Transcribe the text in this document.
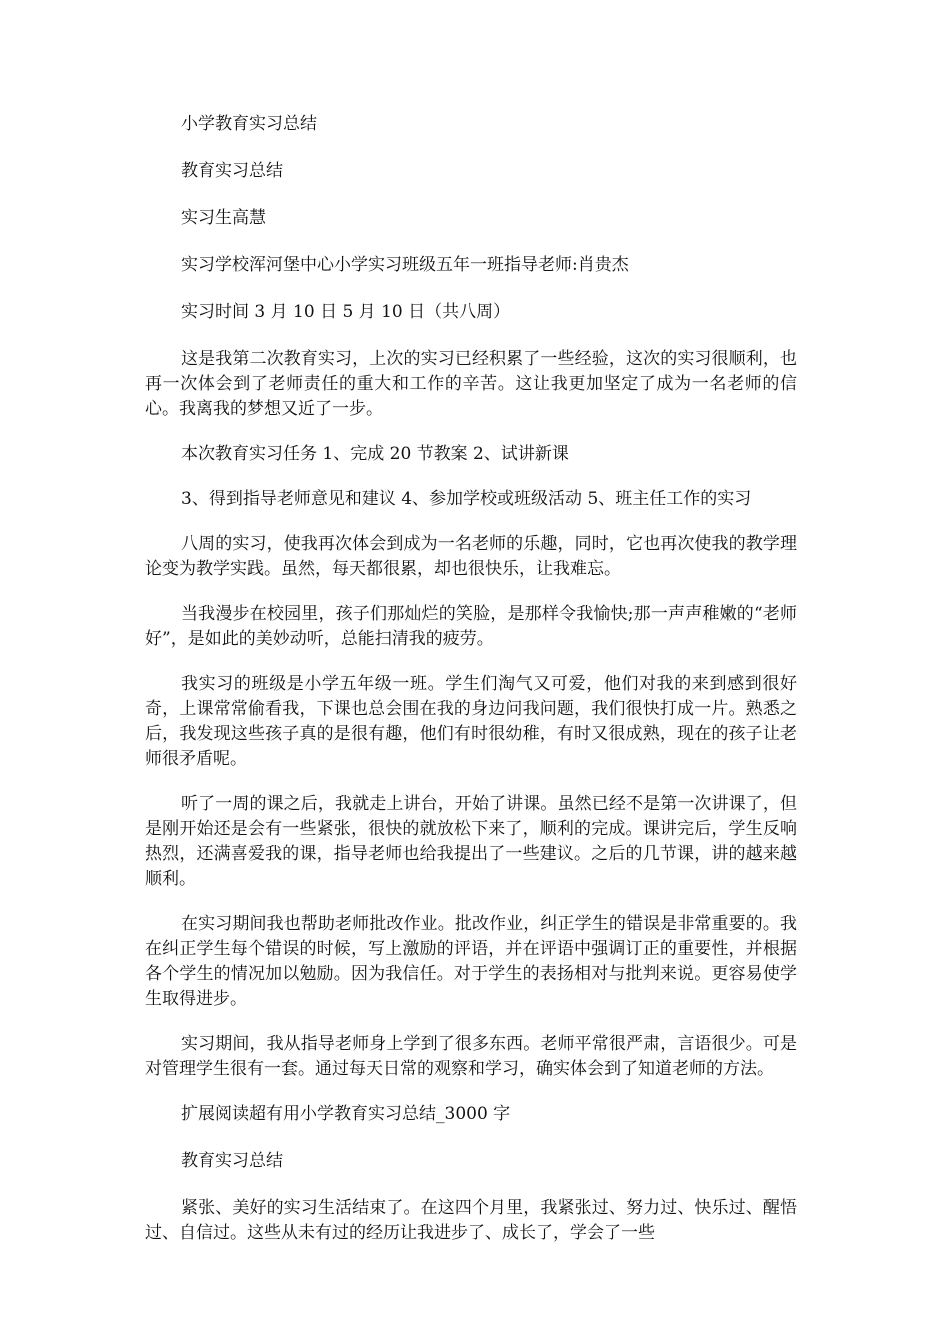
小学教育实习总结

教育实习总结

实习生高慧

实习学校浑河堡中心小学实习班级五年一班指导老师:肖贵杰

实习时间 3 月 10 日 5 月 10 日（共八周）

这是我第二次教育实习，上次的实习已经积累了一些经验，这次的实习很顺利，也再一次体会到了老师责任的重大和工作的辛苦。这让我更加坚定了成为一名老师的信心。我离我的梦想又近了一步。

本次教育实习任务 1、完成 20 节教案 2、试讲新课

3、得到指导老师意见和建议 4、参加学校或班级活动 5、班主任工作的实习

八周的实习，使我再次体会到成为一名老师的乐趣，同时，它也再次使我的教学理论变为教学实践。虽然，每天都很累，却也很快乐，让我难忘。

当我漫步在校园里，孩子们那灿烂的笑脸，是那样令我愉快;那一声声稚嫩的“老师好”，是如此的美妙动听，总能扫清我的疲劳。

我实习的班级是小学五年级一班。学生们淘气又可爱，他们对我的来到感到很好奇，上课常常偷看我，下课也总会围在我的身边问我问题，我们很快打成一片。熟悉之后，我发现这些孩子真的是很有趣，他们有时很幼稚，有时又很成熟，现在的孩子让老师很矛盾呢。

听了一周的课之后，我就走上讲台，开始了讲课。虽然已经不是第一次讲课了，但是刚开始还是会有一些紧张，很快的就放松下来了，顺利的完成。课讲完后，学生反响热烈，还满喜爱我的课，指导老师也给我提出了一些建议。之后的几节课，讲的越来越顺利。

在实习期间我也帮助老师批改作业。批改作业，纠正学生的错误是非常重要的。我在纠正学生每个错误的时候，写上激励的评语，并在评语中强调订正的重要性，并根据各个学生的情况加以勉励。因为我信任。对于学生的表扬相对与批判来说。更容易使学生取得进步。

实习期间，我从指导老师身上学到了很多东西。老师平常很严肃，言语很少。可是对管理学生很有一套。通过每天日常的观察和学习，确实体会到了知道老师的方法。

扩展阅读超有用小学教育实习总结_3000 字

教育实习总结

紧张、美好的实习生活结束了。在这四个月里，我紧张过、努力过、快乐过、醒悟过、自信过。这些从未有过的经历让我进步了、成长了，学会了一些
